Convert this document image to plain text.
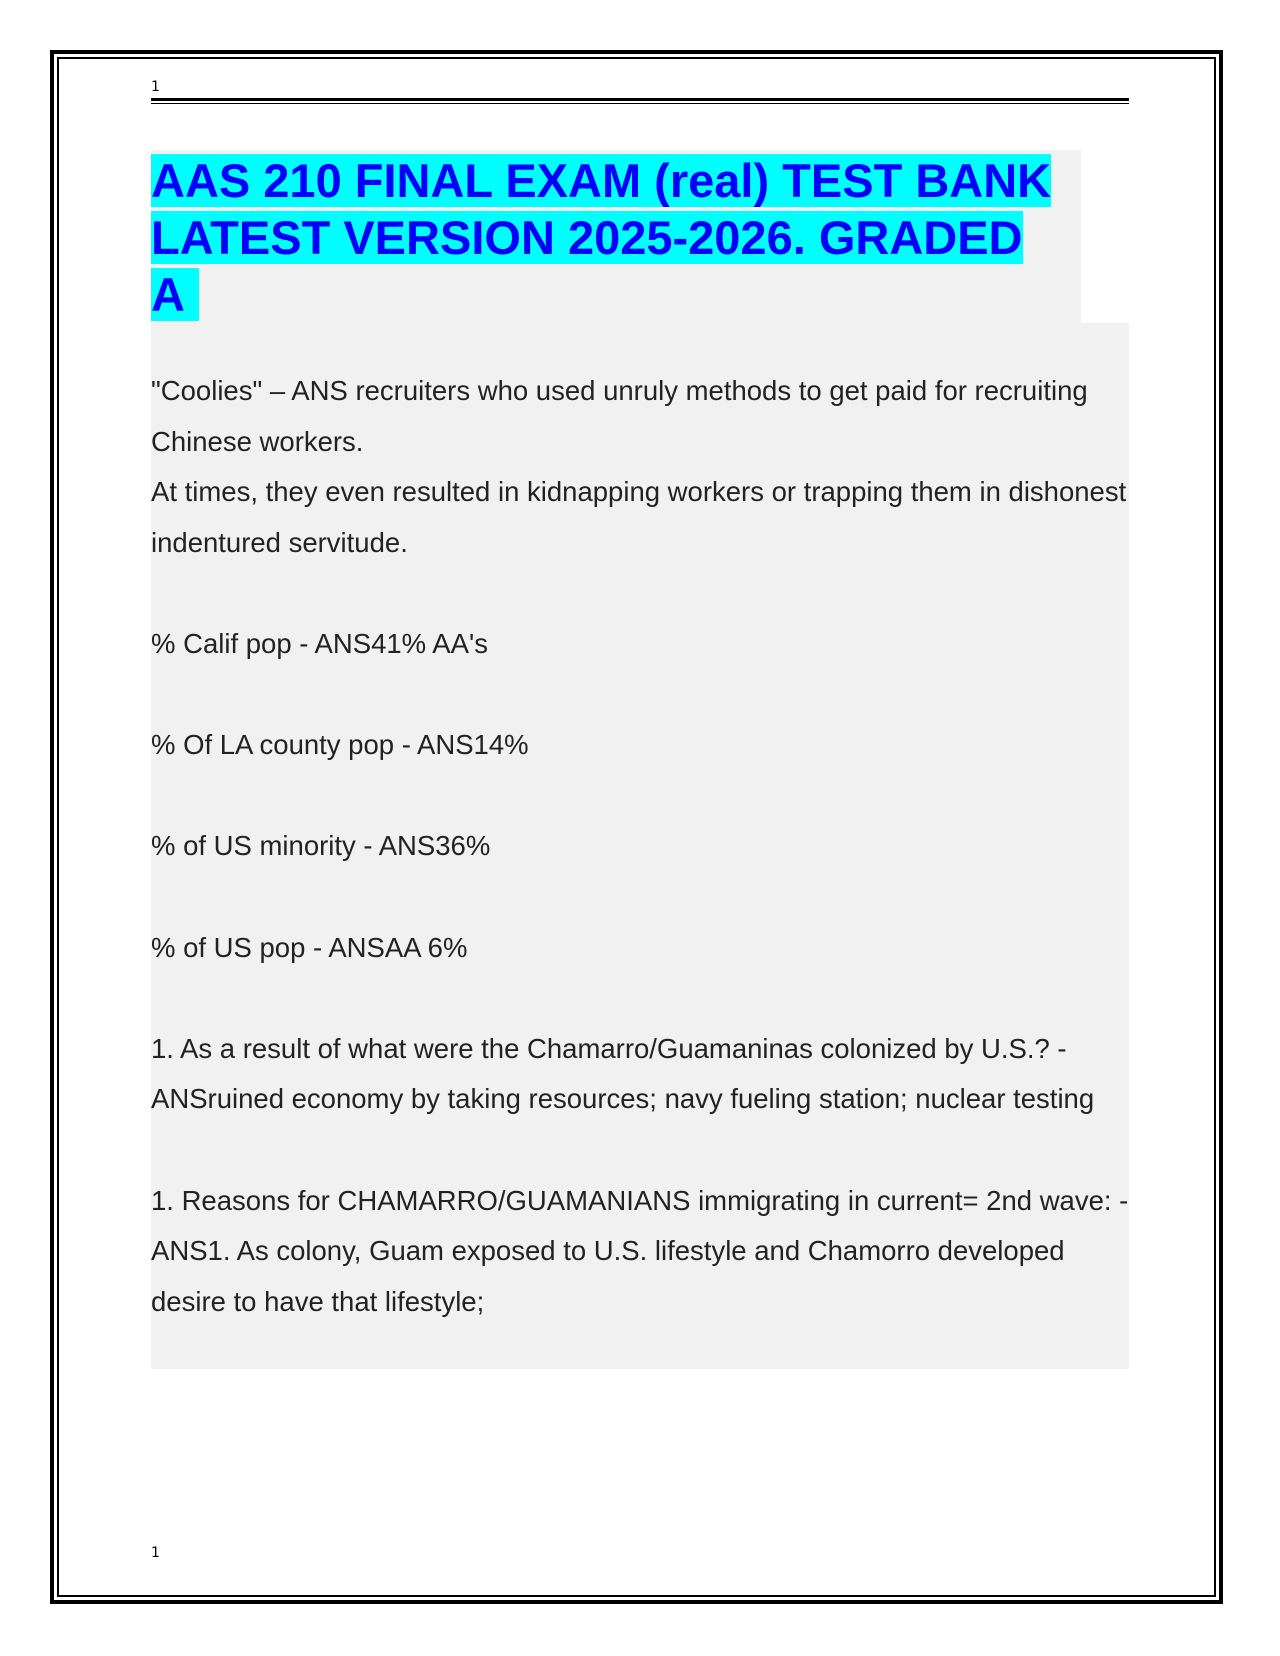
1
AAS 210 FINAL EXAM (real) TEST BANK LATEST VERSION 2025-2026. GRADED A

"Coolies" – ANS recruiters who used unruly methods to get paid for recruiting Chinese workers.

At times, they even resulted in kidnapping workers or trapping them in dishonest indentured servitude.

% Calif pop - ANS41% AA's

% Of LA county pop - ANS14%

% of US minority - ANS36%

% of US pop - ANSAA 6%

1. As a result of what were the Chamarro/Guamaninas colonized by U.S.? - ANSruined economy by taking resources; navy fueling station; nuclear testing

1. Reasons for CHAMARRO/GUAMANIANS immigrating in current= 2nd wave: - ANS1. As colony, Guam exposed to U.S. lifestyle and Chamorro developed desire to have that lifestyle;

1
